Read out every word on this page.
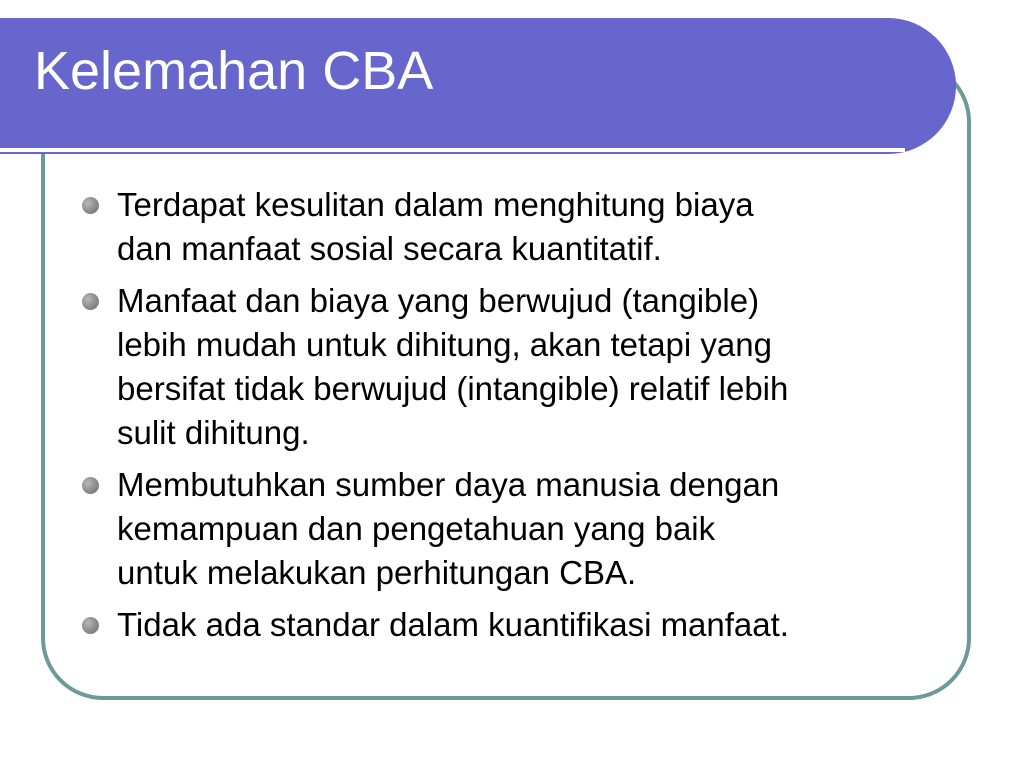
Kelemahan CBA
Terdapat kesulitan dalam menghitung biaya
dan manfaat sosial secara kuantitatif.
Manfaat dan biaya yang berwujud (tangible)
lebih mudah untuk dihitung, akan tetapi yang
bersifat tidak berwujud (intangible) relatif lebih
sulit dihitung.
Membutuhkan sumber daya manusia dengan
kemampuan dan pengetahuan yang baik
untuk melakukan perhitungan CBA.
Tidak ada standar dalam kuantifikasi manfaat.
